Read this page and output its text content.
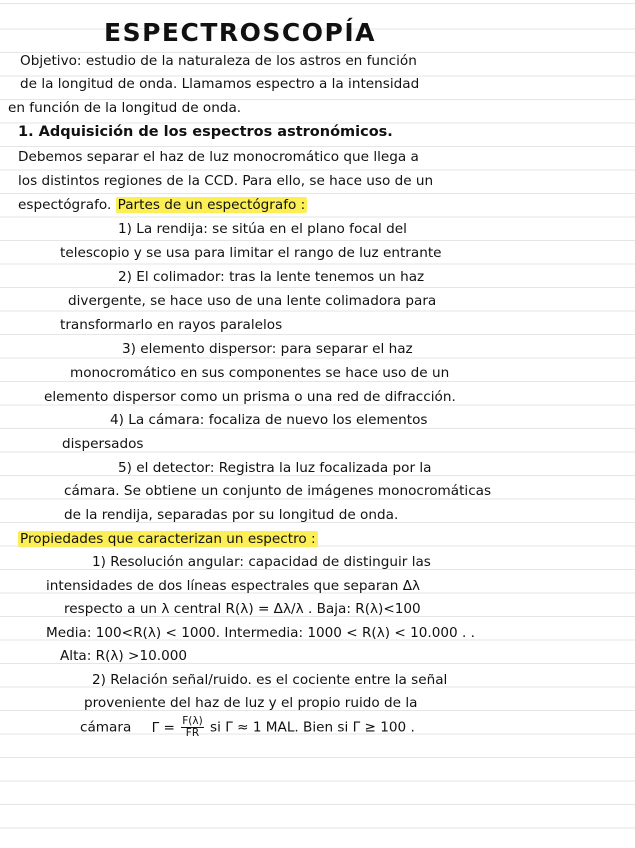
ESPECTROSCOPÍA
Objetivo: estudio de la naturaleza de los astros en función
de la longitud de onda. Llamamos espectro a la intensidad
en función de la longitud de onda.
1. Adquisición de los espectros astronómicos.
Debemos separar el haz de luz monocromático que llega a
los distintos regiones de la CCD. Para ello, se hace uso de un
espectógrafo. Partes de un espectógrafo :
1) La rendija: se sitúa en el plano focal del
telescopio y se usa para limitar el rango de luz entrante
2) El colimador: tras la lente tenemos un haz
divergente, se hace uso de una lente colimadora para
transformarlo en rayos paralelos
3) elemento dispersor: para separar el haz
monocromático en sus componentes se hace uso de un
elemento dispersor como un prisma o una red de difracción.
4) La cámara: focaliza de nuevo los elementos
dispersados
5) el detector: Registra la luz focalizada por la
cámara. Se obtiene un conjunto de imágenes monocromáticas
de la rendija, separadas por su longitud de onda.
Propiedades que caracterizan un espectro :
1) Resolución angular: capacidad de distinguir las
intensidades de dos líneas espectrales que separan Δλ
respecto a un λ central R(λ) = Δλ/λ . Baja: R(λ)<100
Media: 100<R(λ) < 1000. Intermedia: 1000 < R(λ) < 10.000 . .
Alta: R(λ) >10.000
2) Relación señal/ruido. es el cociente entre la señal
proveniente del haz de luz y el propio ruido de la
cámara $\Gamma = \frac{F(\lambda)}{FR}$ si Γ ≈ 1 MAL. Bien si Γ ≥ 100 .
